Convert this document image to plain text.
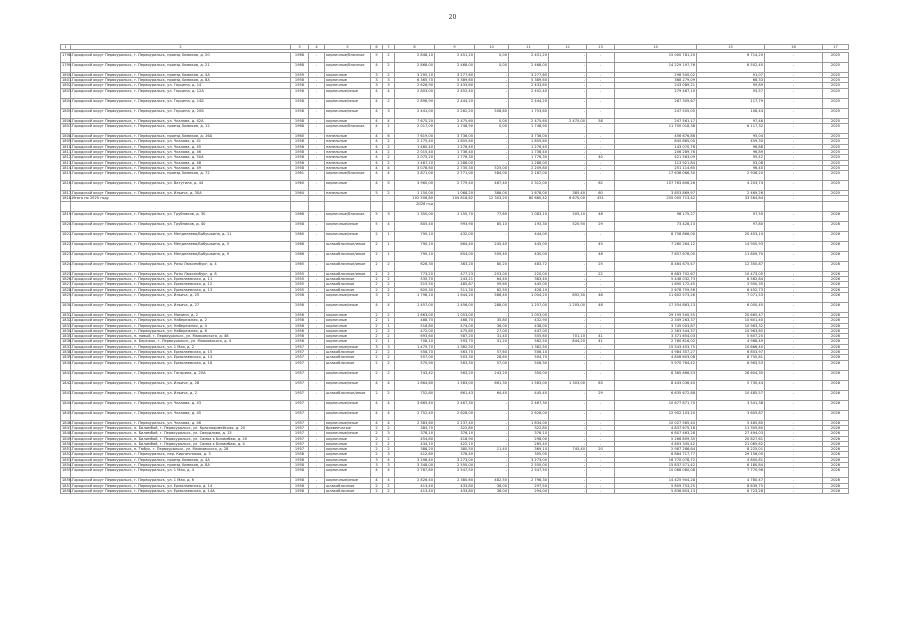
20
1	2	3	4	5	6	7	8	9	10	11	12	13	14	15	16	17

1798.	Городской округ Первоуральск, г. Первоуральск, проезд Химиков, д. 20	1968	-	кирпичные/блочные	5	2	2 848,10	2 451,20	0,00	2 451,20	-	-	15 000 781,20	6 714,20	-	2025
1799.	Городской округ Первоуральск, г. Первоуральск, проезд Химиков, д. 21	1968	-	кирпичные/блочные	4	2	2 868,00	2 468,00	0,00	2 468,00	-	-	14 229 197,76	6 502,40	-	2025
1800.	Городской округ Первоуральск, г. Первоуральск, проезд Химиков, д. 4А	1959	-	кирпичные	3	2	3 295,10	3 277,60	-	3 277,60	-	-	298 500,02	91,07	-	2025
1801.	Городской округ Первоуральск, г. Первоуральск, проезд Химиков, д. 8А	1958	-	кирпичные	3	3	6 365,70	5 389,60	-	5 389,60	-	-	368 279,09	68,33	-	2025
1802.	Городской округ Первоуральск, г. Первоуральск, ул. Герцена, д. 14	1958	-	кирпичные	3	3	2 628,90	2 433,60	-	2 433,60	-	-	243 089,21	99,89	-	2025
1803.	Городской округ Первоуральск, г. Первоуральск, ул. Герцена, д. 12А	1958	-	кирпичные/иные	4	4	2 803,00	2 452,40	-	2 452,40	-	-	279 467,10	93,57	-	2025
1804.	Городской округ Первоуральск, г. Первоуральск, ул. Герцена, д. 14Б	1958	-	кирпичные/иные	4	2	2 898,90	2 444,20	-	2 444,20	-	-	287 309,67	117,79	-	2025
1805.	Городской округ Первоуральск, г. Первоуральск, ул. Герцена, д. 20Б	1958	-	кирпичные/иные	4	3	2 441,00	2 262,20	508,60	1 753,60	-	-	247 505,05	108,44	-	2025
1806.	Городской округ Первоуральск, г. Первоуральск, ул. Чкалова, д. 42А	1958	-	кирпичные	4	4	7 675,20	2 475,60	0,00	2 475,60	2 475,00	58	247 561,17	97,46	-	2025
1807.	Городской округ Первоуральск, г. Первоуральск, проезд Химиков, д. 12	1968	-	кирпичные/блочные	4	2	2 017,00	1 748,90	0,00	1 748,90	-	-	11 700 018,38	6 117,32	-	2025
1808.	Городской округ Первоуральск, г. Первоуральск, проезд Химиков, д. 16А	1960	-	панельные	4	6	7 619,00	3 736,00	-	3 736,00	-	-	456 676,86	95,04	-	2025
1809.	Городской округ Первоуральск, г. Первоуральск, ул. Чкалова, д. 41	1958	-	панельные	4	2	2 175,40	1 855,60	-	1 855,60	-	-	845 685,00	459,30	-	2025
1810.	Городской округ Первоуральск, г. Первоуральск, ул. Чкалова, д. 45	1958	-	панельные	4	2	1 480,40	1 276,40	-	1 276,40	-	-	143 070,76	96,88	-	2025
1811.	Городской округ Первоуральск, г. Первоуральск, ул. Чкалова, д. 46	1958	-	панельные	4	2	2 015,40	1 736,40	-	1 736,40	-	-	206 289,76	96,89	-	2025
1812.	Городской округ Первоуральск, г. Первоуральск, ул. Чкалова, д. 50А	1958	-	панельные	4	2	3 075,20	1 776,30	-	1 776,30	-	40	421 563,09	95,42	-	2025
1813.	Городской округ Первоуральск, г. Первоуральск, ул. Чкалова, д. 48	1958	-	панельные	4	2	1 487,10	1 288,00	-	1 288,00	-	-	113 921,84	93,08	-	2025
1814.	Городской округ Первоуральск, г. Первоуральск, ул. Чкалова, д. 49	1958	-	панельные	4	4	3 078,60	2 735,30	525,00	2 209,80	-	-	251 114,65	96,40	-	2025
1815.	Городской округ Первоуральск, г. Первоуральск, проезд Химиков, д. 72	1961	-	кирпичные/блочные	4	4	3 871,00	2 771,00	584,00	2 187,00	-	-	17 638 066,30	2 936,20	-	2025
1816.	Городской округ Первоуральск, г. Первоуральск, ул. Ватутина, д. 44	1960	-	кирпичные	4	5	3 960,00	2 779,40	467,40	2 312,00	-	62	157 763 806,26	4 203,74	-	2025
1817.	Городской округ Первоуральск, г. Первоуральск, ул. Ильича, д. 30А	1964	-	панельные	5	2	1 150,00	1 068,20	386,00	1 678,00	385,40	60	3 853 869,97	2 469,26	-	2025
1818.	Итого по 2025 году						102 506,80	104 818,62	12 303,20	80 660,42	6 670,00	451	255 005 713,42	33 564,84	-	-
							2026 год									
1819.	Городской округ Первоуральск, г. Первоуральск, ул. Трубников, д. 30	1968	-	кирпичные/блочные	5	3	1 350,00	1 150,70	77,60	1 083,10	505,10	48	98 175,27	97,50	-	2026
1820.	Городской округ Первоуральск, г. Первоуральск, ул. Трубников, д. 40	1958	-	кирпичные/иные	5	4	805,40	993,90	85,10	193,30	520,90	29	73 428,13	97,80	-	2026
1821.	Городской округ Первоуральск, г. Первоуральск, ул. Менделеева/Бабушкина, д. 11	1960	-	кирпичные/иные	2	1	790,10	432,00	-	444,00	-	-	8 758 866,00	20 453,14	-	2026
1822.	Городской округ Первоуральск, г. Первоуральск, ул. Менделеева/Бабушкина, д. 5	1966	-	шлакоблочные/иные	2	1	790,10	664,40	245,40	445,00	-	45	7 280 264,12	14 950,93	-	2026
1823.	Городской округ Первоуральск, г. Первоуральск, ул. Менделеева/Бабушкина, д. 9	1966	-	шлакоблочные/иные	2	1	790,10	654,00	509,40	430,00	-	48	7 657 678,00	11 809,70	-	2026
1824.	Городской округ Первоуральск, г. Первоуральск, ул. Розы Люксембург, д. 4	1965	-	шлакоблочные/иные	2	2	626,30	363,20	80,20	483,72	-	25	8 484 675,47	12 350,87	-	2026
1825.	Городской округ Первоуральск, г. Первоуральск, ул. Розы Люксембург, д. 8	1955	-	шлакоблочные/иные	2	2	773,20	477,23	253,00	220,00	-	22	6 683 702,67	10 473,00	-	2026
1826.	Городской округ Первоуральск, г. Первоуральск, ул. Ермолаевская, д. 11	1955	-	шлакоблочные	2	2	535,70	243,21	64,40	383,40	-	-	5 448 032,73	8 582,84	-	2026
1827.	Городской округ Первоуральск, г. Первоуральск, ул. Ермолаевская, д. 12	1955	-	шлакоблочные	2	2	515,50	485,87	99,60	445,00	-	-	1 690 172,45	3 950,35	-	2026
1828.	Городской округ Первоуральск, г. Первоуральск, ул. Ермолаевская, д. 13	1955	-	шлакоблочные	2	2	620,30	511,30	82,50	428,10	-	-	2 678 759,56	6 452,73	-	2026
1829.	Городской округ Первоуральск, г. Первоуральск, ул. Ильича, д. 25	1956	-	кирпичные/иные	3	2	1 798,10	1 644,20	586,40	1 054,20	892,30	48	11 602 573,26	7 071,53	-	2026
1830.	Городской округ Первоуральск, г. Первоуральск, ул. Ильича, д. 27	1956	-	кирпичные/иные	4	4	1 457,00	1 456,00	288,00	1 257,00	1 205,00	48	17 554 863,13	6 000,45	-	2026
1831.	Городской округ Первоуральск, г. Первоуральск, ул. Мамина, д. 2	1956	-	кирпичные	2	2	1 663,00	1 053,00	-	1 053,00	-	-	29 195 500,55	20 665,47	-	2026
1832.	Городской округ Первоуральск, г. Первоуральск, ул. Набережная, д. 2	1956	-	кирпичные	2	1	488,70	468,70	35,80	432,90	-	-	2 349 263,37	10 601,40	-	2026
1833.	Городской округ Первоуральск, г. Первоуральск, ул. Набережная, д. 4	1956	-	кирпичные	2	1	516,80	474,00	36,00	438,00	-	-	3 745 003,87	10 963,32	-	2026
1834.	Городской округ Первоуральск, г. Первоуральск, ул. Набережная, д. 6	1956	-	кирпичные	2	2	472,00	475,80	27,00	447,00	-	-	2 363 544,37	10 963,65	-	2026
1835.	Городской округ Первоуральск, п. новый, г. Первоуральск, ул. Маяковского, д. 48	1956	-	кирпичные	2	2	693,60	587,20	31,40	555,60	701,10	41	3 371 654,03	5 607,25	-	2026
1836.	Городской округ Первоуральск, п. Бережок, г. Первоуральск, ул. Маяковского, д. 4	1956	-	кирпичные	2	1	708,10	593,70	31,20	562,50	844,20	41	2 780 816,02	4 968,49	-	2026
1837.	Городской округ Первоуральск, г. Первоуральск, ул. 1 Мая, д. 2	1957	-	кирпичные/иные	3	3	1 475,70	1 382,50	-	1 382,50	-	-	15 543 403,75	10 666,40	-	2026
1838.	Городской округ Первоуральск, г. Первоуральск, ул. Ермолаевская, д. 15	1957	-	шлакоблочные	2	2	558,70	563,70	57,60	506,10	-	-	4 984 357,27	6 853,97	-	2026
1839.	Городской округ Первоуральск, г. Первоуральск, ул. Ермолаевская, д. 14	1957	-	шлакоблочные	2	2	557,00	503,30	28,60	504,70	-	-	4 808 603,08	8 750,81	-	2026
1840.	Городской округ Первоуральск, г. Первоуральск, ул. Ермолаевская, д. 16	1957	-	шлакоблочные	2	2	570,90	563,30	57,00	506,30	-	-	5 970 764,42	6 963,53	-	2026
1841.	Городской округ Первоуральск, г. Первоуральск, ул. Гагарина, д. 20А	1957	-	кирпичные/иные	2	2	743,42	563,20	243,20	350,00	-	-	8 365 866,53	26 604,35	-	2026
1842.	Городской округ Первоуральск, г. Первоуральск, ул. Ильича, д. 28	1957	-	кирпичные/иные	4	4	1 664,60	1 583,00	661,30	1 583,00	1 303,00	83	8 443 036,40	5 730,44	-	2026
1843.	Городской округ Первоуральск, г. Первоуральск, ул. Ильича, д. 2	1957	-	шлакоблочные/иные	2	2	752,80	661,43	64,40	445,40	-	29	6 635 672,88	10 485,57	-	2026
1844.	Городской округ Первоуральск, г. Первоуральск, ул. Чкалова, д. 43	1957	-	кирпичные/иные	4	4	3 665,40	2 467,30	-	2 467,30	-	-	10 677 871,75	3 541,38	-	2026
1845.	Городской округ Первоуральск, г. Первоуральск, ул. Чкалова, д. 45	1957	-	кирпичные/иные	4	4	2 752,40	2 628,00	-	2 628,00	-	-	12 952 103,20	3 605,87	-	2026
1846.	Городской округ Первоуральск, г. Первоуральск, ул. Чкалова, д. 46	1957	-	кирпичные/иные	4	4	2 383,60	2 137,40	-	1 834,00	-	-	10 027 565,44	5 465,80	-	2026
1847.	Городской округ Первоуральск, п. Билимбай, г. Первоуральск, ул. Красноармейская, д. 20	1957	-	бревенчатые	2	2	384,70	322,80	-	322,80	-	-	4 837 675,16	11 355,80	-	2026
1848.	Городской округ Первоуральск, п. Билимбай, г. Первоуральск, ул. Свердлова, д. 15	1957	-	кирпичные/иные	2	3	378,10	376,10	-	376,10	-	-	6 807 463,28	27 494,03	-	2026
1849.	Городской округ Первоуральск, п. Билимбай, г. Первоуральск, ул. Самоа к Билимбаю, д. 20	1957	-	кирпичные	2	2	454,80	418,90	-	298,00	-	-	5 266 809,35	20 827,61	-	2026
1850.	Городской округ Первоуральск, п. Билимбай, г. Первоуральск, ул. Самоа к Билимбаю, д. 4	1957	-	кирпичные	2	2	434,10	422,10	-	265,40	-	-	4 803 345,42	21 065,62	-	2026
1851.	Городской округ Первоуральск, п. Тюбук, г. Первоуральск, ул. Маяковского, д. 28	1957	-	кирпичные	2	2	386,20	380,50	11,40	369,10	745,40	20	2 987 286,64	8 225,01	-	2026
1852.	Городской округ Первоуральск, г. Первоуральск, пер. Кирпичников, д. 3	1958	-	кирпичные	2	3	412,60	378,40	-	305,00	-	-	6 864 717,77	29 156,00	-	2026
1853.	Городской округ Первоуральск, г. Первоуральск, проезд Химиков, д. 4А	1958	-	кирпичные	3	4	3 298,40	3 273,00	-	3 273,00	-	-	16 770 078,72	4 800,81	-	2026
1854.	Городской округ Первоуральск, г. Первоуральск, проезд Химиков, д. 8А	1958	-	кирпичные	3	3	3 348,00	2 550,00	-	2 550,00	-	-	15 837 571,42	6 180,84	-	2026
1855.	Городской округ Первоуральск, г. Первоуральск, ул. 1 Мая, д. 4	1958	-	кирпичные	4	4	2 787,60	2 547,50	-	2 547,50	-	-	10 068 080,08	7 770,96	-	2026
1856.	Городской округ Первоуральск, г. Первоуральск, ул. 1 Мая, д. 6	1958	-	кирпичные/иные	4	4	2 826,40	2 380,60	482,50	2 798,30	-	-	14 425 904,28	4 780,47	-	2026
1857.	Городской округ Первоуральск, г. Первоуральск, ул. Ермолаевская, д. 14	1958	-	шлакоблочные	2	2	413,40	433,80	36,00	297,50	-	-	5 859 753,25	8 639,75	-	2026
1858.	Городской округ Первоуральск, г. Первоуральск, ул. Ермолаевская, д. 14А	1958	-	шлакоблочные	2	2	413,40	433,80	36,00	294,00	-	-	5 836 603,13	8 723,28	-	2026
